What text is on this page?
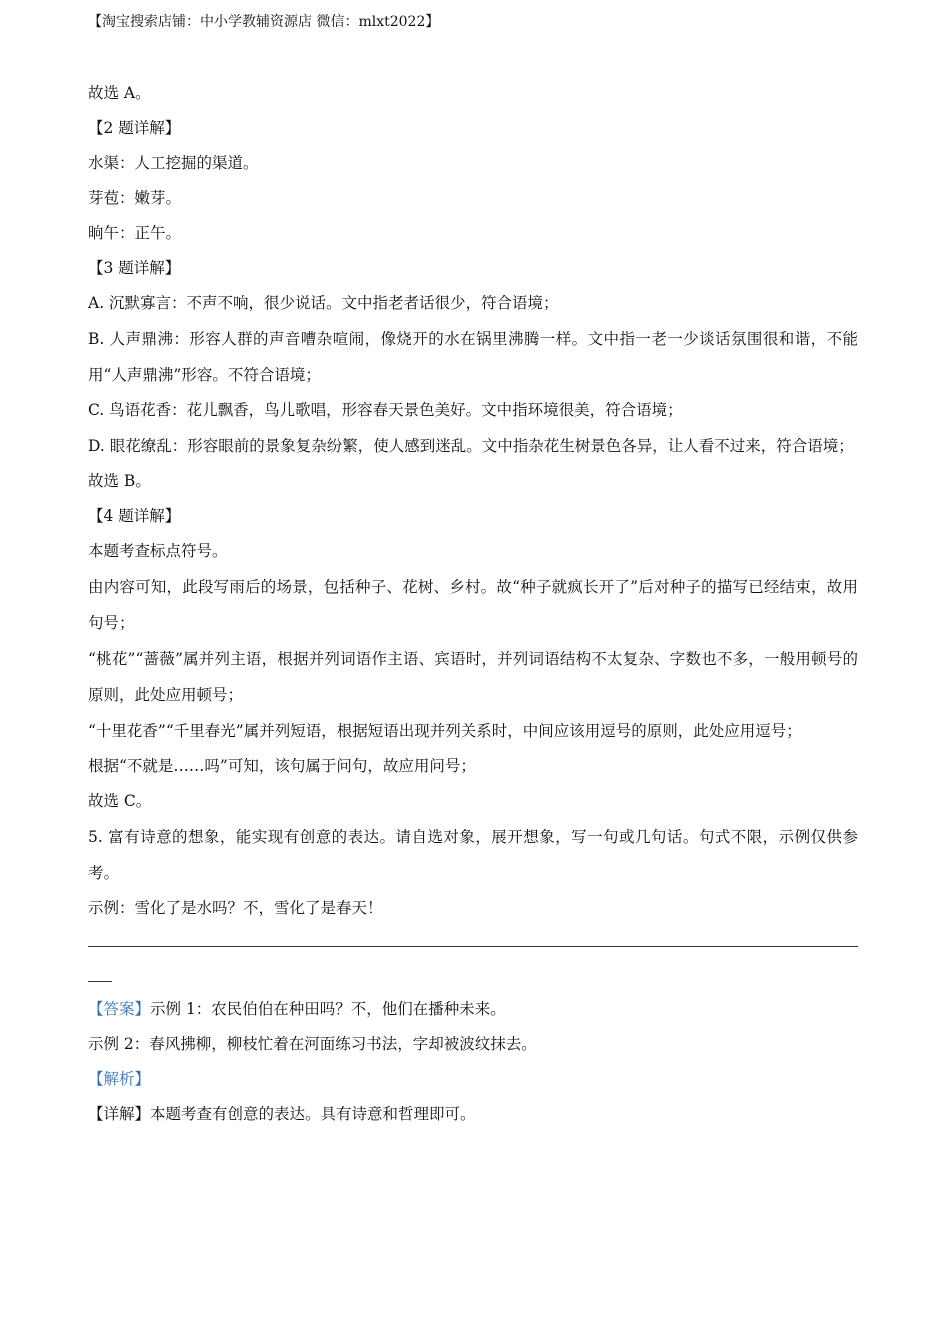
【淘宝搜索店铺：中小学教辅资源店 微信：mlxt2022】

故选 A。

【2 题详解】

水渠：人工挖掘的渠道。

芽苞：嫩芽。

晌午：正午。

【3 题详解】

A. 沉默寡言：不声不响，很少说话。文中指老者话很少，符合语境；

B. 人声鼎沸：形容人群的声音嘈杂喧闹，像烧开的水在锅里沸腾一样。文中指一老一少谈话氛围很和谐，不能用“人声鼎沸”形容。不符合语境；

C. 鸟语花香：花儿飘香，鸟儿歌唱，形容春天景色美好。文中指环境很美，符合语境；

D. 眼花缭乱：形容眼前的景象复杂纷繁，使人感到迷乱。文中指杂花生树景色各异，让人看不过来，符合语境；

故选 B。

【4 题详解】

本题考查标点符号。

由内容可知，此段写雨后的场景，包括种子、花树、乡村。故“种子就疯长开了”后对种子的描写已经结束，故用句号；

“桃花”“蔷薇”属并列主语，根据并列词语作主语、宾语时，并列词语结构不太复杂、字数也不多，一般用顿号的原则，此处应用顿号；

“十里花香”“千里春光”属并列短语，根据短语出现并列关系时，中间应该用逗号的原则，此处应用逗号；

根据“不就是……吗”可知，该句属于问句，故应用问号；

故选 C。

5. 富有诗意的想象，能实现有创意的表达。请自选对象，展开想象，写一句或几句话。句式不限，示例仅供参考。

示例：雪化了是水吗？不，雪化了是春天！

【答案】示例 1：农民伯伯在种田吗？不，他们在播种未来。

示例 2：春风拂柳，柳枝忙着在河面练习书法，字却被波纹抹去。

【解析】

【详解】本题考查有创意的表达。具有诗意和哲理即可。
